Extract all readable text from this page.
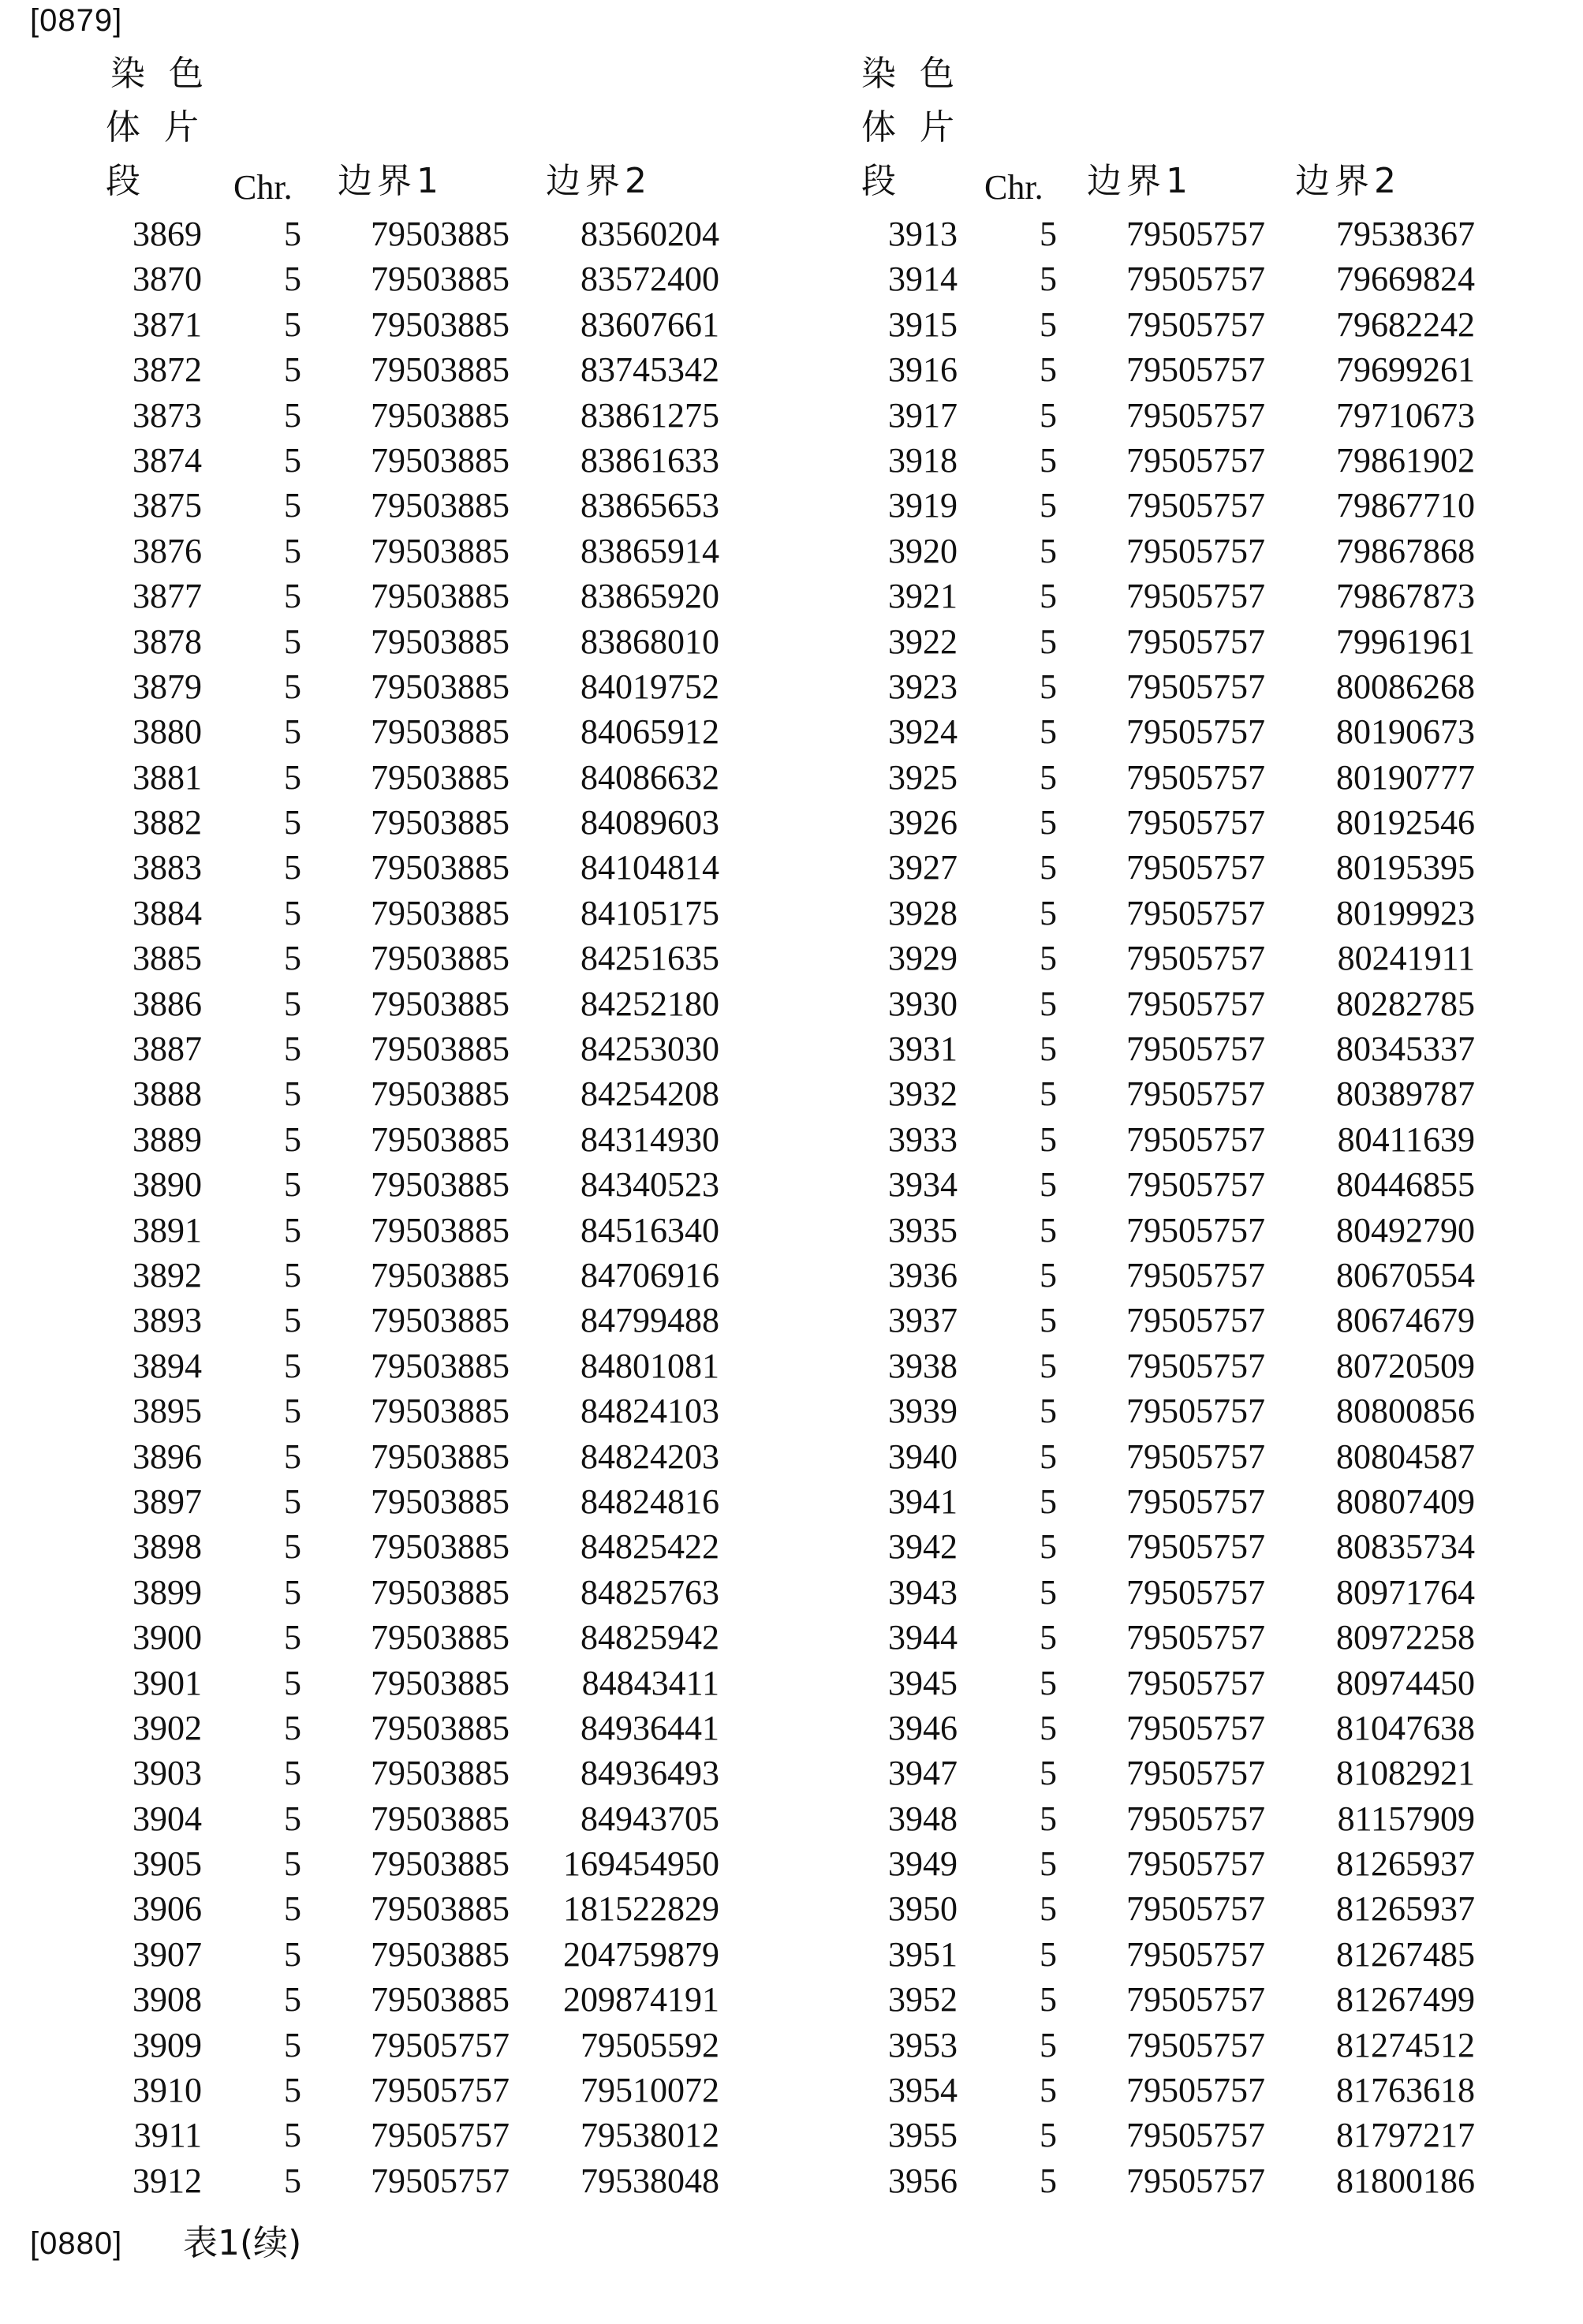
[0879]
染色
体片
段 Chr. 边界1	边界2
3869	5	79503885	83560204
3870	5	79503885	83572400
3871	5	79503885	83607661
3872	5	79503885	83745342
3873	5	79503885	83861275
3874	5	79503885	83861633
3875	5	79503885	83865653
3876	5	79503885	83865914
3877	5	79503885	83865920
3878	5	79503885	83868010
3879	5	79503885	84019752
3880	5	79503885	84065912
3881	5	79503885	84086632
3882	5	79503885	84089603
3883	5	79503885	84104814
3884	5	79503885	84105175
3885	5	79503885	84251635
3886	5	79503885	84252180
3887	5	79503885	84253030
3888	5	79503885	84254208
3889	5	79503885	84314930
3890	5	79503885	84340523
3891	5	79503885	84516340
3892	5	79503885	84706916
3893	5	79503885	84799488
3894	5	79503885	84801081
3895	5	79503885	84824103
3896	5	79503885	84824203
3897	5	79503885	84824816
3898	5	79503885	84825422
3899	5	79503885	84825763
3900	5	79503885	84825942
3901	5	79503885	84843411
3902	5	79503885	84936441
3903	5	79503885	84936493
3904	5	79503885	84943705
3905	5	79503885	169454950
3906	5	79503885	181522829
3907	5	79503885	204759879
3908	5	79503885	209874191
3909	5	79505757	79505592
3910	5	79505757	79510072
3911	5	79505757	79538012
3912	5	79505757	79538048
染色
体片
段 Chr. 边界1	边界2
3913	5	79505757	79538367
3914	5	79505757	79669824
3915	5	79505757	79682242
3916	5	79505757	79699261
3917	5	79505757	79710673
3918	5	79505757	79861902
3919	5	79505757	79867710
3920	5	79505757	79867868
3921	5	79505757	79867873
3922	5	79505757	79961961
3923	5	79505757	80086268
3924	5	79505757	80190673
3925	5	79505757	80190777
3926	5	79505757	80192546
3927	5	79505757	80195395
3928	5	79505757	80199923
3929	5	79505757	80241911
3930	5	79505757	80282785
3931	5	79505757	80345337
3932	5	79505757	80389787
3933	5	79505757	80411639
3934	5	79505757	80446855
3935	5	79505757	80492790
3936	5	79505757	80670554
3937	5	79505757	80674679
3938	5	79505757	80720509
3939	5	79505757	80800856
3940	5	79505757	80804587
3941	5	79505757	80807409
3942	5	79505757	80835734
3943	5	79505757	80971764
3944	5	79505757	80972258
3945	5	79505757	80974450
3946	5	79505757	81047638
3947	5	79505757	81082921
3948	5	79505757	81157909
3949	5	79505757	81265937
3950	5	79505757	81265937
3951	5	79505757	81267485
3952	5	79505757	81267499
3953	5	79505757	81274512
3954	5	79505757	81763618
3955	5	79505757	81797217
3956	5	79505757	81800186
[0880] 表1(续)
